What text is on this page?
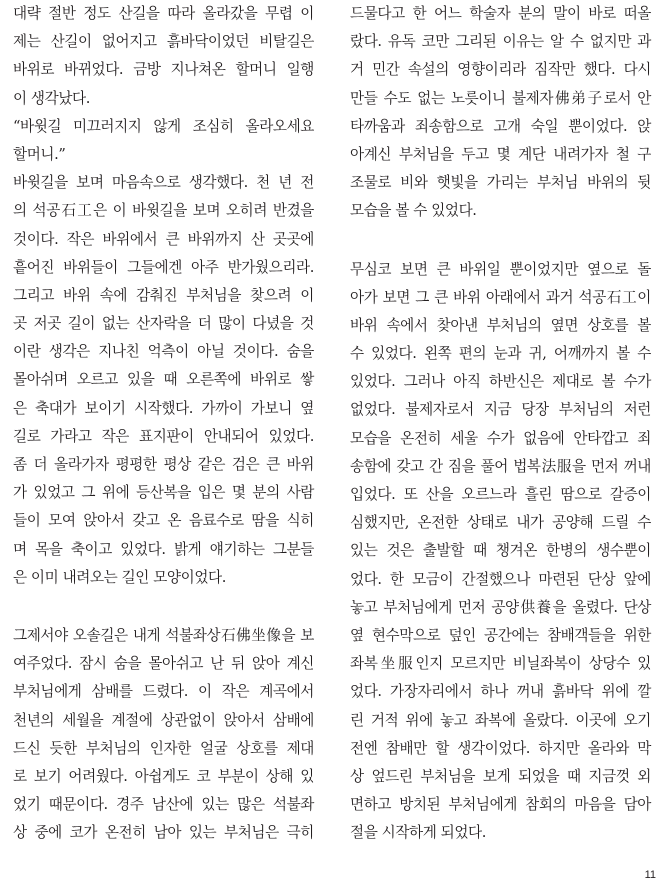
대략 절반 정도 산길을 따라 올라갔을 무렵 이
제는 산길이 없어지고 흙바닥이었던 비탈길은
바위로 바뀌었다. 금방 지나쳐온 할머니 일행
이 생각났다.
“바윗길 미끄러지지 않게 조심히 올라오세요
할머니.”
바윗길을 보며 마음속으로 생각했다. 천 년 전
의 석공石工은 이 바윗길을 보며 오히려 반겼을
것이다. 작은 바위에서 큰 바위까지 산 곳곳에
흩어진 바위들이 그들에겐 아주 반가웠으리라.
그리고 바위 속에 감춰진 부처님을 찾으려 이
곳 저곳 길이 없는 산자락을 더 많이 다녔을 것
이란 생각은 지나친 억측이 아닐 것이다. 숨을
몰아쉬며 오르고 있을 때 오른쪽에 바위로 쌓
은 축대가 보이기 시작했다. 가까이 가보니 옆
길로 가라고 작은 표지판이 안내되어 있었다.
좀 더 올라가자 평평한 평상 같은 검은 큰 바위
가 있었고 그 위에 등산복을 입은 몇 분의 사람
들이 모여 앉아서 갖고 온 음료수로 땀을 식히
며 목을 축이고 있었다. 밝게 얘기하는 그분들
은 이미 내려오는 길인 모양이었다.
그제서야 오솔길은 내게 석불좌상石佛坐像을 보
여주었다. 잠시 숨을 몰아쉬고 난 뒤 앉아 계신
부처님에게 삼배를 드렸다. 이 작은 계곡에서
천년의 세월을 계절에 상관없이 앉아서 삼배에
드신 듯한 부처님의 인자한 얼굴 상호를 제대
로 보기 어려웠다. 아쉽게도 코 부분이 상해 있
었기 때문이다. 경주 남산에 있는 많은 석불좌
상 중에 코가 온전히 남아 있는 부처님은 극히
드물다고 한 어느 학술자 분의 말이 바로 떠올
랐다. 유독 코만 그리된 이유는 알 수 없지만 과
거 민간 속설의 영향이리라 짐작만 했다. 다시
만들 수도 없는 노릇이니 불제자佛弟子로서 안
타까움과 죄송함으로 고개 숙일 뿐이었다. 앉
아계신 부처님을 두고 몇 계단 내려가자 철 구
조물로 비와 햇빛을 가리는 부처님 바위의 뒷
모습을 볼 수 있었다.
무심코 보면 큰 바위일 뿐이었지만 옆으로 돌
아가 보면 그 큰 바위 아래에서 과거 석공石工이
바위 속에서 찾아낸 부처님의 옆면 상호를 볼
수 있었다. 왼쪽 편의 눈과 귀, 어깨까지 볼 수
있었다. 그러나 아직 하반신은 제대로 볼 수가
없었다. 불제자로서 지금 당장 부처님의 저런
모습을 온전히 세울 수가 없음에 안타깝고 죄
송함에 갖고 간 짐을 풀어 법복法服을 먼저 꺼내
입었다. 또 산을 오르느라 흘린 땀으로 갈증이
심했지만, 온전한 상태로 내가 공양해 드릴 수
있는 것은 출발할 때 챙겨온 한병의 생수뿐이
었다. 한 모금이 간절했으나 마련된 단상 앞에
놓고 부처님에게 먼저 공양供養을 올렸다. 단상
옆 현수막으로 덮인 공간에는 참배객들을 위한
좌복坐服인지 모르지만 비닐좌복이 상당수 있
었다. 가장자리에서 하나 꺼내 흙바닥 위에 깔
린 거적 위에 놓고 좌복에 올랐다. 이곳에 오기
전엔 참배만 할 생각이었다. 하지만 올라와 막
상 엎드린 부처님을 보게 되었을 때 지금껏 외
면하고 방치된 부처님에게 참회의 마음을 담아
절을 시작하게 되었다.
11
